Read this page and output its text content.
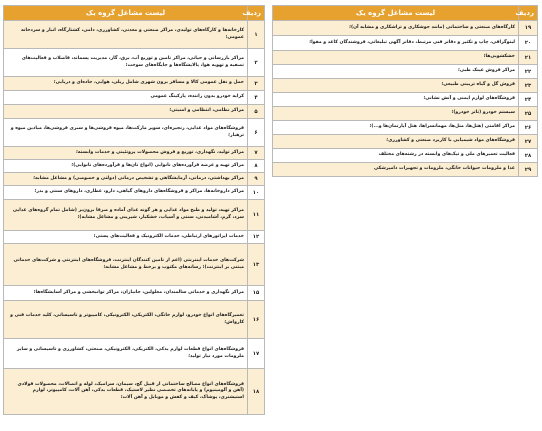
ردیف	لیست مشاغل گروه یک
۱	کارخانه‌ها و کارگاه‌های تولیدی، مراکز صنعتی و معدنی، کشاورزی، دامی، کشتارگاه، انبار و سردخانه عمومی؛
۲	مراکز بازرسانی و حیاتی، مراکز تامین و توزیع آب، برق، گاز، مدیریت پسماند، فاضلاب و فعالیت‌های تصفیه و تهویه هوا، پالایشگاه‌ها و جایگاه‌های سوخت؛
۳	حمل و نقل عمومی کالا و مسافر برون شهری شامل ریلی، هوایی، جاده‌ای و دریایی؛
۴	کرایه خودرو بدون راننده، پارکینگ عمومی
۵	مراکز نظامی، انتظامی و امنیتی؛
۶	فروشگاه‌های مواد غذایی، زنجیره‌ای، سوپر مارکت‌ها، میوه فروشی‌ها و سبزی فروشی‌ها، میادین میوه و ترهبار؛
۷	مراکز تولید، نگهداری، توزیع و فروش محصولات پروتئینی و خدمات وابسته؛
۸	مراکز تهیه و عرضه فرآورده‌های نانوایی (انواع نان‌ها و فرآورده‌های نانوایی)؛
۹	مراکز بهداشتی، درمانی، آزمایشگاهی و تشخیص درمانی (دولتی و خصوصی) و مشاغل مشابه؛
۱۰	مراکز داروخانه‌ها، مراکز و فروشگاه‌های داروهای گیاهی، دارو، عطاری، داروهای سنتی و بذر؛
۱۱	مراکز تهیه، تولید و طبخ مواد غذایی و هر گونه غذای آماده و صرفا برون‌بر (شامل تمام گروه‌های غذایی سرد، گرم، آشامیدنی، سنتی و آسیاب، خشکبار، شیرینی و مشاغل مشابه)؛
۱۲	خدمات اپراتورهای ارتباطی، خدمات الکترونیک و فعالیت‌های پستی؛
۱۳	شرکت‌های خدمات اینترنتی (اعم از تامین کنندگان اینترنت، فروشگاه‌های اینترنتی و شرکت‌های خدماتی مبتنی بر اینترنت)؛ رسانه‌های مکتوب و برخط و مشاغل مشابه؛
۱۵	مراکز نگهداری و خدماتی سالمندان، معلولین، جانبازان، مراکز توانبخشی و مراکز آسایشگاه‌ها؛
۱۶	تعمیرگاه‌های انواع خودرو، لوازم خانگی، الکتریکی، الکترونیکی، کامپیوتر و تاسیساتی، کلید خدمات فنی و کارواش؛
۱۷	فروشگاه‌های انواع قطعات لوازم یدکی، الکتریکی، الکترونیکی، صنعتی، کشاورزی و تاسیساتی و سایر ملزومات مورد نیاز تولید؛
۱۸	فروشگاه‌های انواع مصالح ساختمانی از قبیل گچ، سیمان، سرامیک، لوله و اتصالات، محصولات فولادی (آهن و آلومینیوم) و پایانه‌های تخصصی نظیر لاستیک، قطعات یدکی، آهن آلات، کامپیوتر، لوازم استیشنری، پوشاک، کیف و کفش و موبایل و آهن آلات؛
ردیف	لیست مشاغل گروه یک
۱۹	کارگاه‌های صنعتی و ساختمانی (مانند جوشکاری و تراشکاری و مشابه آن)؛
۲۰	لیتوگرافی، چاپ و تکثیر و دفاتر فنی مرتبط، دفاتر آگهی تبلیغاتی، فروشندگان کاغذ و مقوا؛
۲۱	خشکشویی‌ها؛
۲۲	مراکز فروش عینک طبی؛
۲۳	فروش گل و گیاه تزیینی طبیعی؛
۲۴	فروشگاه‌های لوازم ایمنی و آتش نشانی؛
۲۵	سیستم خودرو (تاتر خودرو)؛
۲۶	مراکز اقامتی (هتل‌ها، متل‌ها، مهمانسراها، هتل آپارتمان‌ها و...)؛
۲۷	فروشگاه‌های مواد شیمیایی با کاربرد صنعتی و کشاورزی؛
۲۸	فعالیت تعمیرهای ملی و تیک‌های وابسته در رشته‌های مختلف
۲۹	غذا و ملزومات حیوانات خانگی، ملزومات و تجهیزات دامپزشکی
